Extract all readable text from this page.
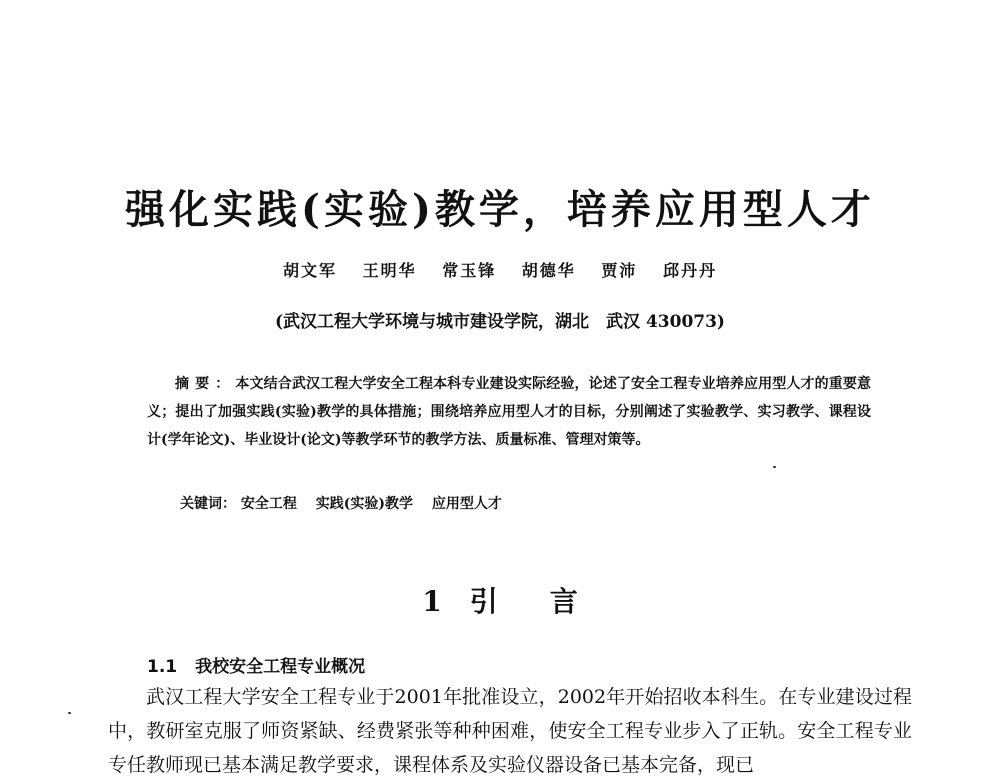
强化实践(实验)教学，培养应用型人才
胡文军 王明华 常玉锋 胡德华 贾沛 邱丹丹
(武汉工程大学环境与城市建设学院，湖北　武汉 430073)

摘要：本文结合武汉工程大学安全工程本科专业建设实际经验，论述了安全工程专业培养应用型人才的重要意义；提出了加强实践(实验)教学的具体措施；围绕培养应用型人才的目标，分别阐述了实验教学、实习教学、课程设计(学年论文)、毕业设计(论文)等教学环节的教学方法、质量标准、管理对策等。

关键词： 安全工程 实践(实验)教学 应用型人才
1 引 言
1.1 我校安全工程专业概况

武汉工程大学安全工程专业于2001年批准设立，2002年开始招收本科生。在专业建设过程中，教研室克服了师资紧缺、经费紧张等种种困难，使安全工程专业步入了正轨。安全工程专业专任教师现已基本满足教学要求，课程体系及实验仪器设备已基本完备，现已
